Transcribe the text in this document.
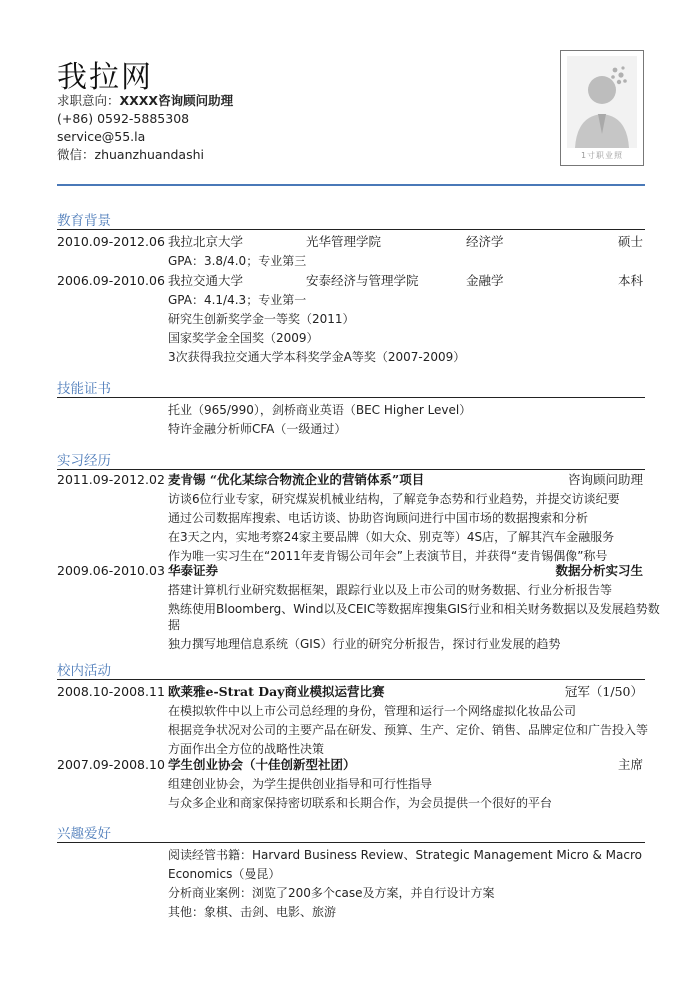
我拉网
求职意向：XXXX咨询顾问助理
(+86) 0592-5885308
service@55.la
微信：zhuanzhuandashi	1寸职业照
教育背景
2010.09-2012.06 我拉北京大学	光华管理学院	经济学	硕士
GPA：3.8/4.0；专业第三
2006.09-2010.06 我拉交通大学	安泰经济与管理学院	金融学	本科
GPA：4.1/4.3；专业第一
研究生创新奖学金一等奖（2011）
国家奖学金全国奖（2009）
3次获得我拉交通大学本科奖学金A等奖（2007-2009）
技能证书
托业（965/990），剑桥商业英语（BEC Higher Level）
特许金融分析师CFA（一级通过）
实习经历
2011.09-2012.02 麦肯锡 “优化某综合物流企业的营销体系”项目	咨询顾问助理
访谈6位行业专家，研究煤炭机械业结构，了解竞争态势和行业趋势，并提交访谈纪要
通过公司数据库搜索、电话访谈、协助咨询顾问进行中国市场的数据搜索和分析
在3天之内，实地考察24家主要品牌（如大众、别克等）4S店，了解其汽车金融服务
作为唯一实习生在“2011年麦肯锡公司年会”上表演节目，并获得“麦肯锡偶像”称号
2009.06-2010.03 华泰证券	数据分析实习生
搭建计算机行业研究数据框架，跟踪行业以及上市公司的财务数据、行业分析报告等
熟练使用Bloomberg、Wind以及CEIC等数据库搜集GIS行业和相关财务数据以及发展趋势数
据
独力撰写地理信息系统（GIS）行业的研究分析报告，探讨行业发展的趋势
校内活动
2008.10-2008.11 欧莱雅e-Strat Day商业模拟运营比赛	冠军（1/50）
在模拟软件中以上市公司总经理的身份，管理和运行一个网络虚拟化妆品公司
根据竞争状况对公司的主要产品在研发、预算、生产、定价、销售、品牌定位和广告投入等
方面作出全方位的战略性决策
2007.09-2008.10 学生创业协会（十佳创新型社团）	主席
组建创业协会，为学生提供创业指导和可行性指导
与众多企业和商家保持密切联系和长期合作，为会员提供一个很好的平台
兴趣爱好
阅读经管书籍：Harvard Business Review、Strategic Management Micro & Macro
Economics（曼昆）
分析商业案例：浏览了200多个case及方案，并自行设计方案
其他：象棋、击剑、电影、旅游
